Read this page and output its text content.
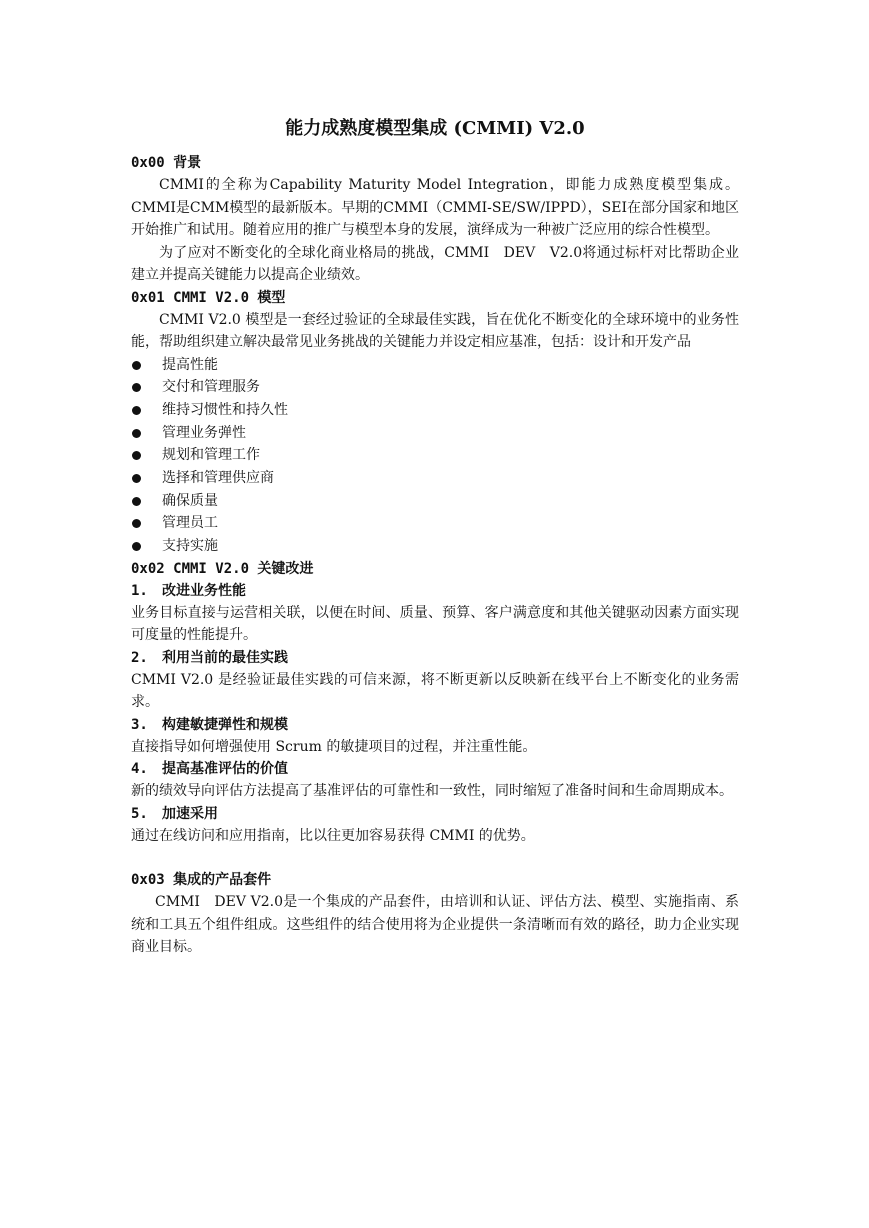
能力成熟度模型集成 (CMMI) V2.0

0x00 背景

CMMI的全称为Capability Maturity Model Integration，即能力成熟度模型集成。CMMI是CMM模型的最新版本。早期的CMMI（CMMI-SE/SW/IPPD），SEI在部分国家和地区开始推广和试用。随着应用的推广与模型本身的发展，演绎成为一种被广泛应用的综合性模型。

为了应对不断变化的全球化商业格局的挑战，CMMI　DEV　V2.0将通过标杆对比帮助企业建立并提高关键能力以提高企业绩效。

0x01 CMMI V2.0 模型

CMMI V2.0 模型是一套经过验证的全球最佳实践，旨在优化不断变化的全球环境中的业务性能，帮助组织建立解决最常见业务挑战的关键能力并设定相应基准，包括：设计和开发产品

提高性能
交付和管理服务
维持习惯性和持久性
管理业务弹性
规划和管理工作
选择和管理供应商
确保质量
管理员工
支持实施

0x02 CMMI V2.0 关键改进

1. 改进业务性能

业务目标直接与运营相关联，以便在时间、质量、预算、客户满意度和其他关键驱动因素方面实现可度量的性能提升。

2. 利用当前的最佳实践

CMMI V2.0 是经验证最佳实践的可信来源，将不断更新以反映新在线平台上不断变化的业务需求。

3. 构建敏捷弹性和规模

直接指导如何增强使用 Scrum 的敏捷项目的过程，并注重性能。

4. 提高基准评估的价值

新的绩效导向评估方法提高了基准评估的可靠性和一致性，同时缩短了准备时间和生命周期成本。

5. 加速采用

通过在线访问和应用指南，比以往更加容易获得 CMMI 的优势。

0x03 集成的产品套件

CMMI　DEV V2.0是一个集成的产品套件，由培训和认证、评估方法、模型、实施指南、系统和工具五个组件组成。这些组件的结合使用将为企业提供一条清晰而有效的路径，助力企业实现商业目标。
